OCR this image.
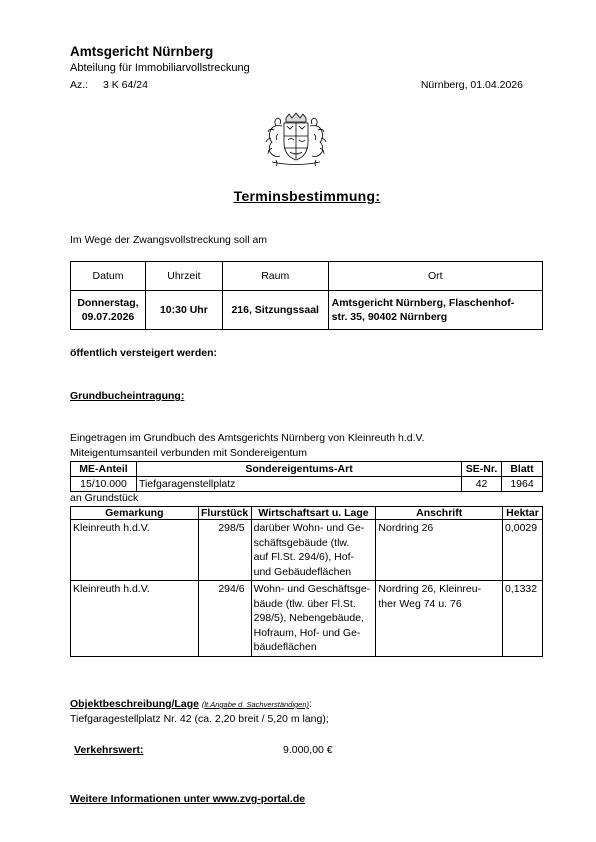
Amtsgericht Nürnberg
Abteilung für Immobiliarvollstreckung
Az.: 3 K 64/24	Nürnberg, 01.04.2026
Terminsbestimmung:
Im Wege der Zwangsvollstreckung soll am
Datum	Uhrzeit	Raum	Ort
Donnerstag,
09.07.2026	10:30 Uhr	216, Sitzungssaal	Amtsgericht Nürnberg, Flaschenhof-
str. 35, 90402 Nürnberg
öffentlich versteigert werden:
Grundbucheintragung:
Eingetragen im Grundbuch des Amtsgerichts Nürnberg von Kleinreuth h.d.V.
Miteigentumsanteil verbunden mit Sondereigentum
ME-Anteil	Sondereigentums-Art	SE-Nr.	Blatt
15/10.000	Tiefgaragenstellplatz	42	1964
an Grundstück
Gemarkung	Flurstück	Wirtschaftsart u. Lage	Anschrift	Hektar
Kleinreuth h.d.V.	298/5	darüber Wohn- und Ge-
schäftsgebäude (tlw.
auf Fl.St. 294/6), Hof-
und Gebäudeflächen	Nordring 26	0,0029
Kleinreuth h.d.V.	294/6	Wohn- und Geschäftsge-
bäude (tlw. über Fl.St.
298/5), Nebengebäude,
Hofraum, Hof- und Ge-
bäudeflächen	Nordring 26, Kleinreu-
ther Weg 74 u. 76	0,1332
Objektbeschreibung/Lage (lt.Angabe d. Sachverständigen):
Tiefgaragestellplatz Nr. 42 (ca. 2,20 breit / 5,20 m lang);
Verkehrswert:	9.000,00 €
Weitere Informationen unter www.zvg-portal.de
